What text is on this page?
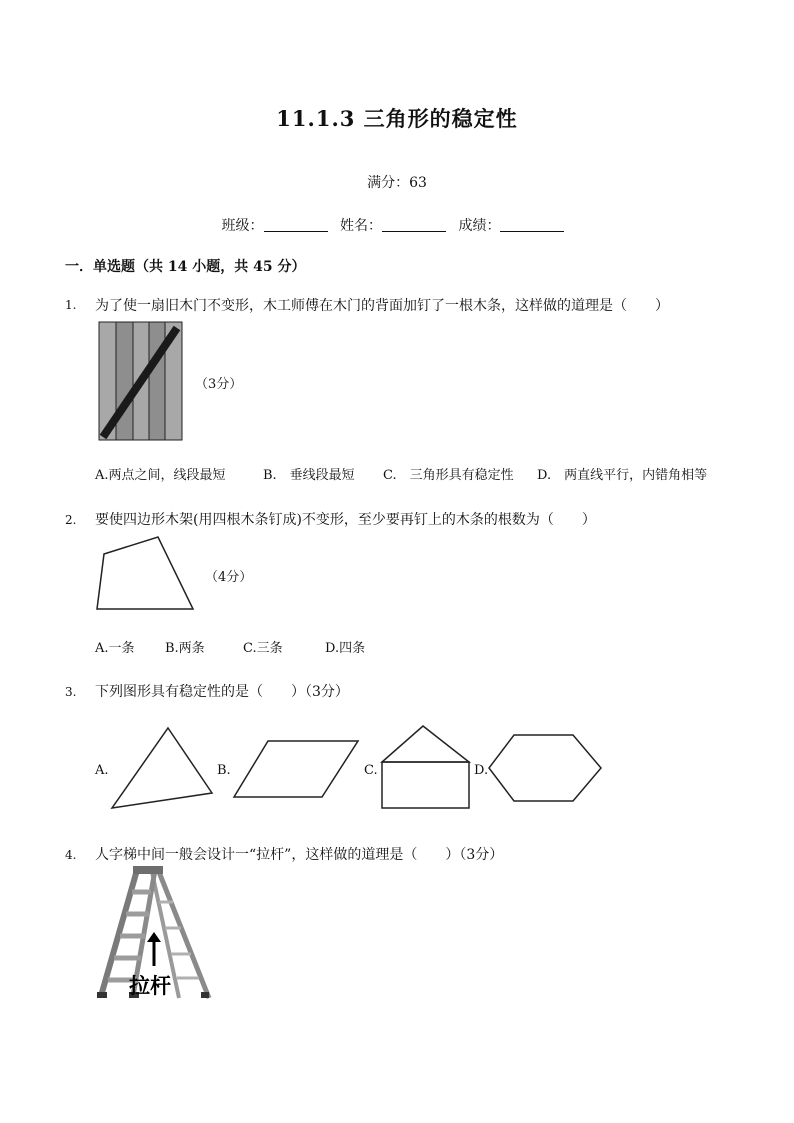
11.1.3 三角形的稳定性
满分：63
班级：	姓名：	成绩：
一．单选题（共 14 小题，共 45 分）
1. 为了使一扇旧木门不变形，木工师傅在木门的背面加钉了一根木条，这样做的道理是（　　）
（3分）
A.两点之间，线段最短	B.　垂线段最短 C.　三角形具有稳定性 D.　两直线平行，内错角相等
2. 要使四边形木架(用四根木条钉成)不变形，至少要再钉上的木条的根数为（　　）
（4分）
A.一条 B.两条	C.三条	D.四条
3. 下列图形具有稳定性的是（　　）（3分）
A.	B.	C.	D.
4. 人字梯中间一般会设计一“拉杆”，这样做的道理是（　　）（3分）
拉杆
